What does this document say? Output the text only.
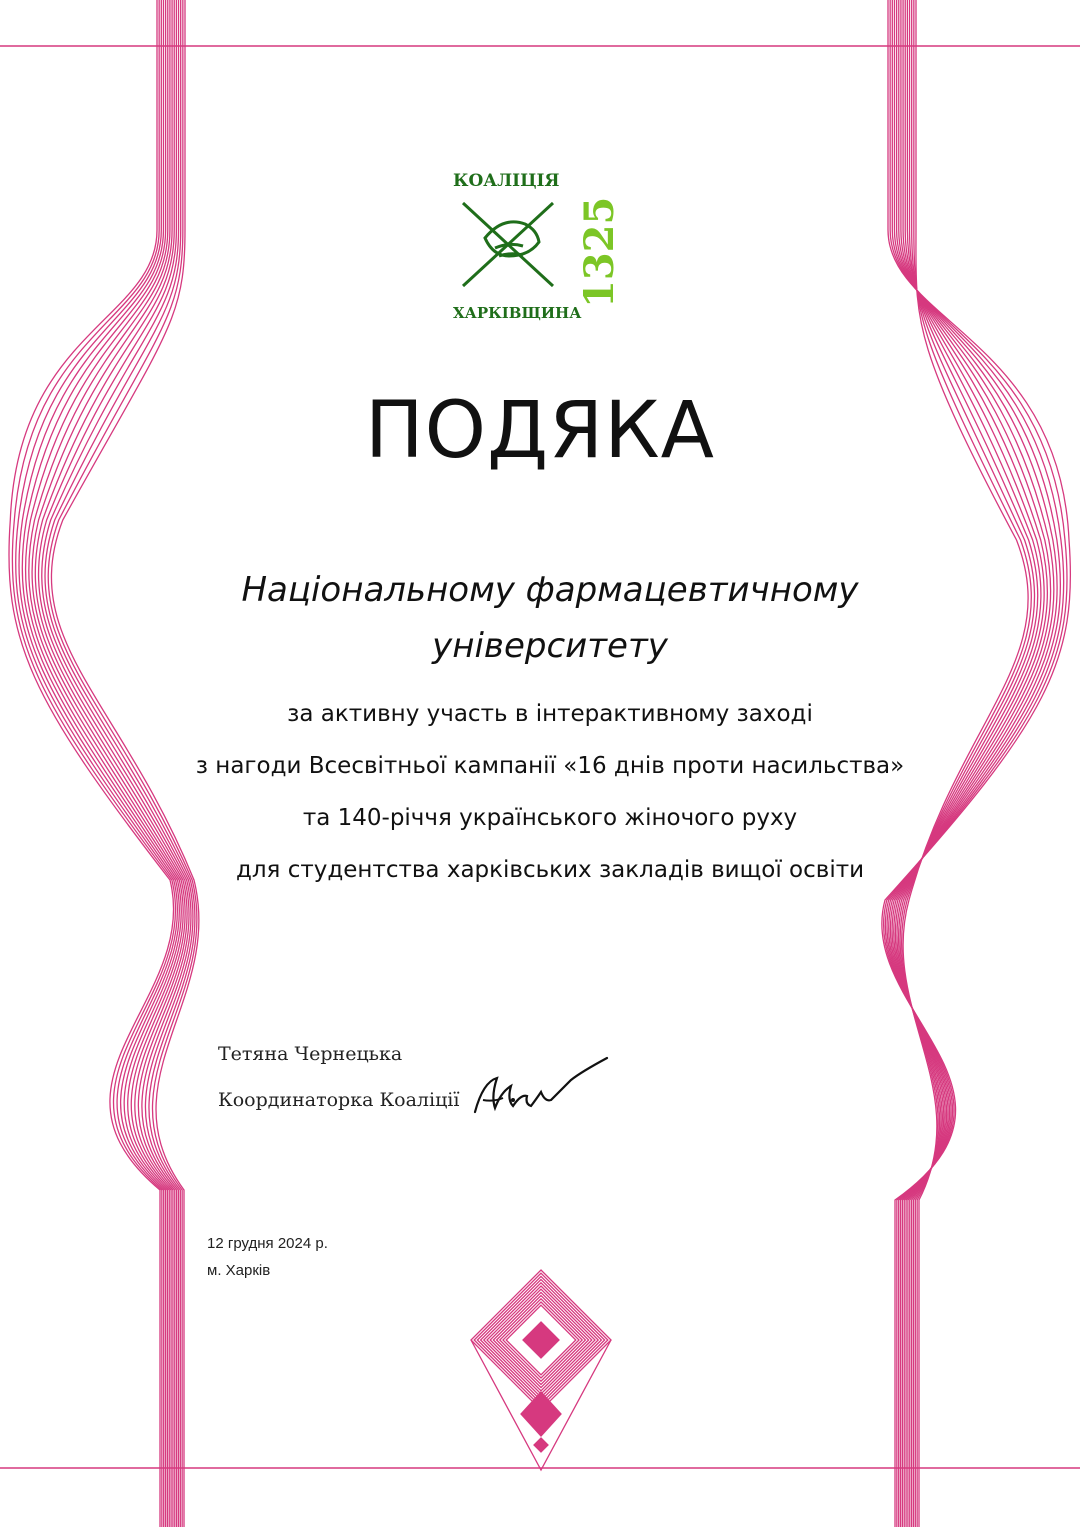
КОАЛІЦІЯ
1325
ХАРКІВЩИНА
ПОДЯКА
Національному фармацевтичному
університету
за активну участь в інтерактивному заході
з нагоди Всесвітньої кампанії «16 днів проти насильства»
та 140-річчя українського жіночого руху
для студентства харківських закладів вищої освіти
Тетяна Чернецька
Координаторка Коаліції
12 грудня 2024 р.
м. Харків
